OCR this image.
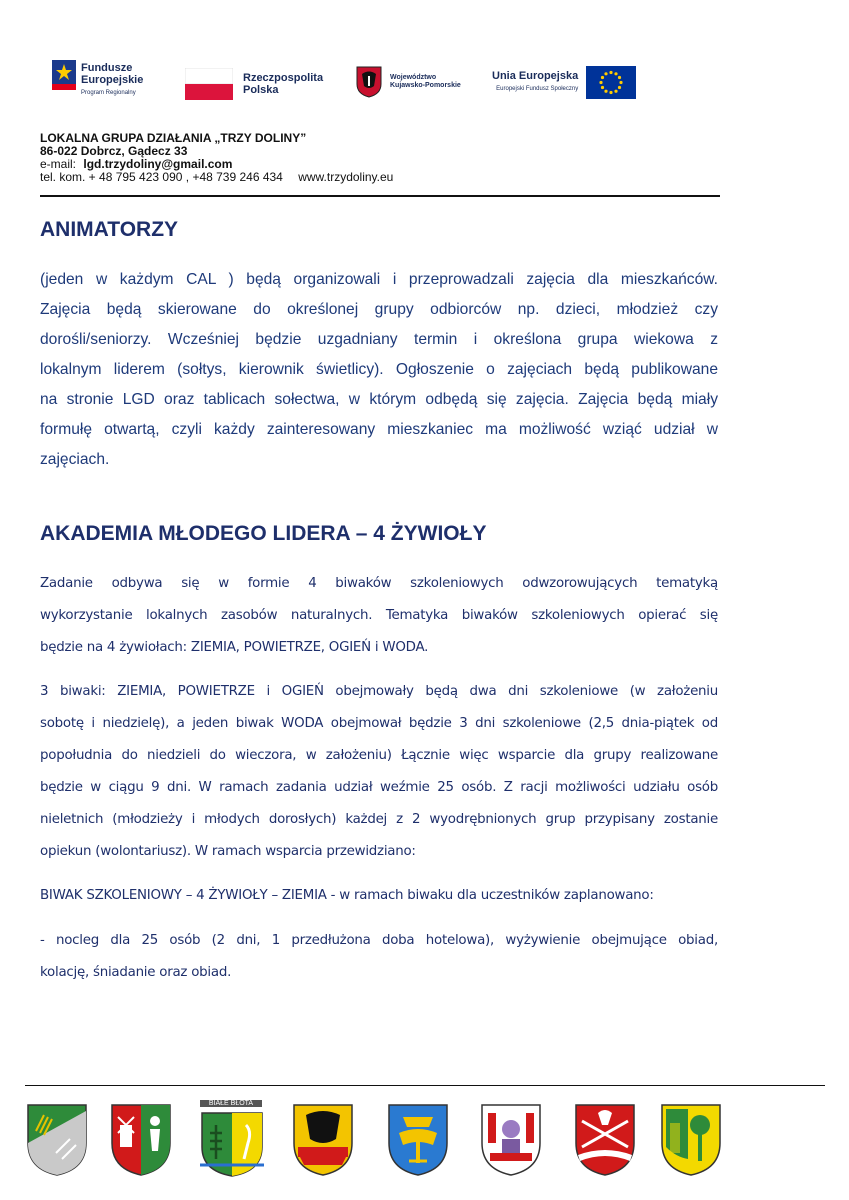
Fundusze
Europejskie
Program Regionalny
Rzeczpospolita
Polska
Województwo
Kujawsko-Pomorskie
Unia Europejska
Europejski Fundusz Społeczny
LOKALNA GRUPA DZIAŁANIA „TRZY DOLINY”
86-022 Dobrcz, Gądecz 33
e-mail: lgd.trzydoliny@gmail.com
tel. kom. + 48 795 423 090 , +48 739 246 434 www.trzydoliny.eu
ANIMATORZY
(jeden w każdym CAL ) będą organizowali i przeprowadzali zajęcia dla mieszkańców.
Zajęcia będą skierowane do określonej grupy odbiorców np. dzieci, młodzież czy
dorośli/seniorzy. Wcześniej będzie uzgadniany termin i określona grupa wiekowa z
lokalnym liderem (sołtys, kierownik świetlicy). Ogłoszenie o zajęciach będą publikowane
na stronie LGD oraz tablicach sołectwa, w którym odbędą się zajęcia. Zajęcia będą miały
formułę otwartą, czyli każdy zainteresowany mieszkaniec ma możliwość wziąć udział w
zajęciach.
AKADEMIA MŁODEGO LIDERA – 4 ŻYWIOŁY
Zadanie odbywa się w formie 4 biwaków szkoleniowych odwzorowujących tematyką
wykorzystanie lokalnych zasobów naturalnych. Tematyka biwaków szkoleniowych opierać się
będzie na 4 żywiołach: ZIEMIA, POWIETRZE, OGIEŃ i WODA.
3 biwaki: ZIEMIA, POWIETRZE i OGIEŃ obejmowały będą dwa dni szkoleniowe (w założeniu
sobotę i niedzielę), a jeden biwak WODA obejmował będzie 3 dni szkoleniowe (2,5 dnia-piątek od
popołudnia do niedzieli do wieczora, w założeniu) Łącznie więc wsparcie dla grupy realizowane
będzie w ciągu 9 dni. W ramach zadania udział weźmie 25 osób. Z racji możliwości udziału osób
nieletnich (młodzieży i młodych dorosłych) każdej z 2 wyodrębnionych grup przypisany zostanie
opiekun (wolontariusz). W ramach wsparcia przewidziano:
BIWAK SZKOLENIOWY – 4 ŻYWIOŁY – ZIEMIA - w ramach biwaku dla uczestników zaplanowano:
- nocleg dla 25 osób (2 dni, 1 przedłużona doba hotelowa), wyżywienie obejmujące obiad,
kolację, śniadanie oraz obiad.
BIAŁE BŁOTA
